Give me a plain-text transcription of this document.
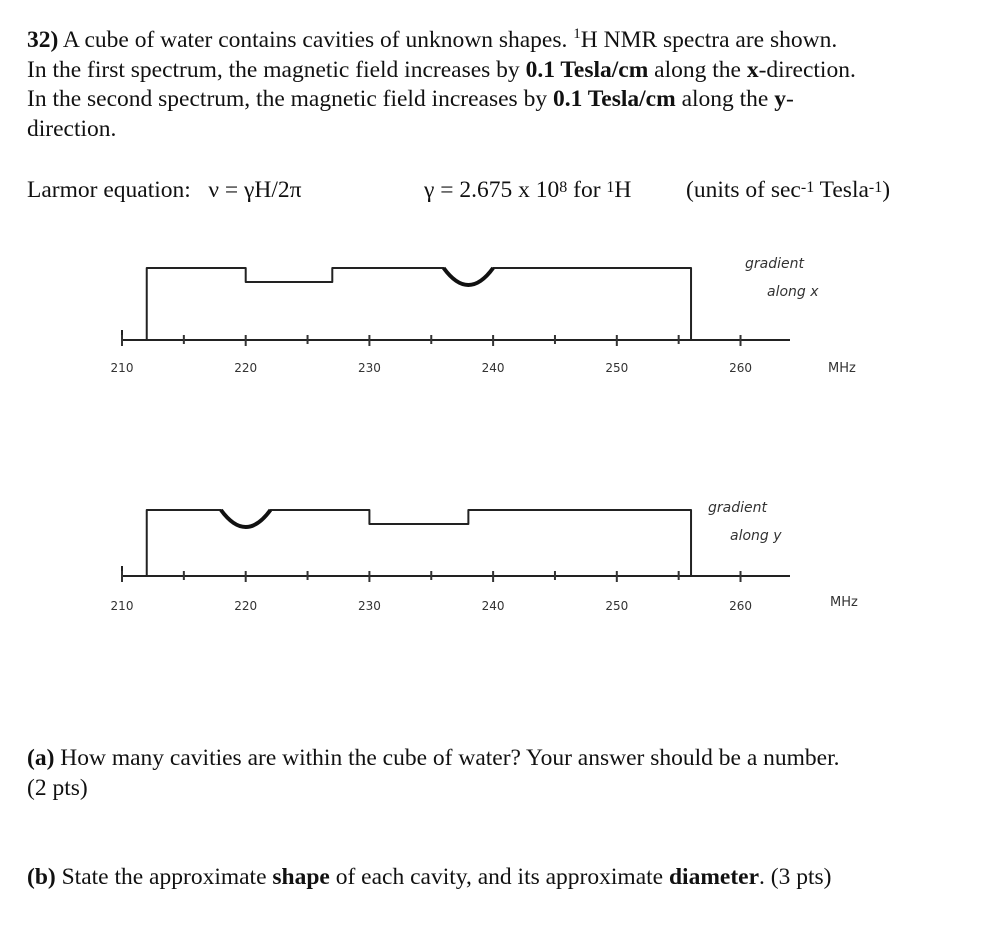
32) A cube of water contains cavities of unknown shapes. $^1$H NMR spectra are shown.

In the first spectrum, the magnetic field increases by 0.1 Tesla/cm along the x-direction.

In the second spectrum, the magnetic field increases by 0.1 Tesla/cm along the y-

direction.

Larmor equation: ν = γH/2π	γ = 2.675 x $10^8$ for $^1$H (units of $\sec^{-1}$ Tesla$^{-1}$)
210	220	230	240	250	260
gradient
along x
MHz
210	220	230	240	250	260
gradient
along y
MHz
(a) How many cavities are within the cube of water? Your answer should be a number.
(2 pts)
(b) State the approximate shape of each cavity, and its approximate diameter. (3 pts)
